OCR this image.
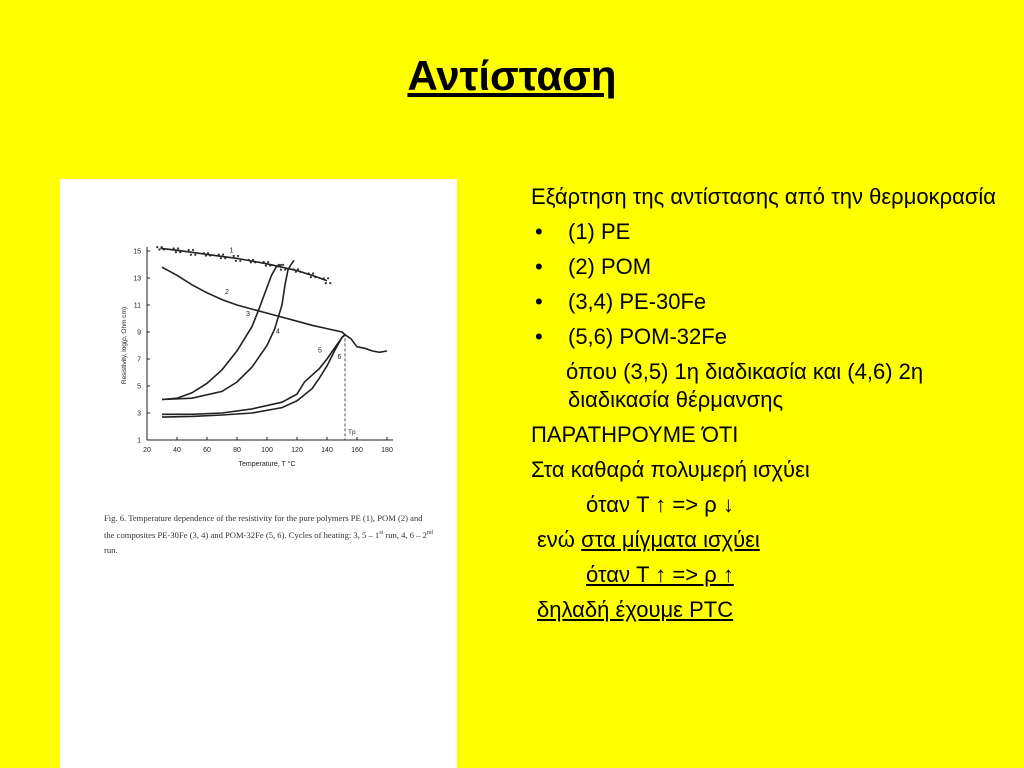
Αντίσταση
20	40	60	80	100	120	140	160	180
1
3
5
7
9
11
13
15
Temperature, T °C
Resistivity, log(ρ, Ohm cm)
Tp
1
2
3
4
5
6
Fig. 6. Temperature dependence of the resistivity for the pure polymers PE (1), POM (2) and the composites PE-30Fe (3, 4) and POM-32Fe (5, 6). Cycles of heating: 3, 5 – 1st run, 4, 6 – 2nd run.
Εξάρτηση της αντίστασης από την θερμοκρασία
• (1) PE
• (2) POM
• (3,4) PE-30Fe
• (5,6) POM-32Fe
όπου (3,5) 1η διαδικασία και (4,6) 2η διαδικασία θέρμανσης
ΠΑΡΑΤΗΡΟΥΜΕ ΌΤΙ
Στα καθαρά πολυμερή ισχύει
όταν T ↑ => ρ ↓
ενώ στα μίγματα ισχύει
όταν T ↑ => ρ ↑
δηλαδή έχουμε PTC
